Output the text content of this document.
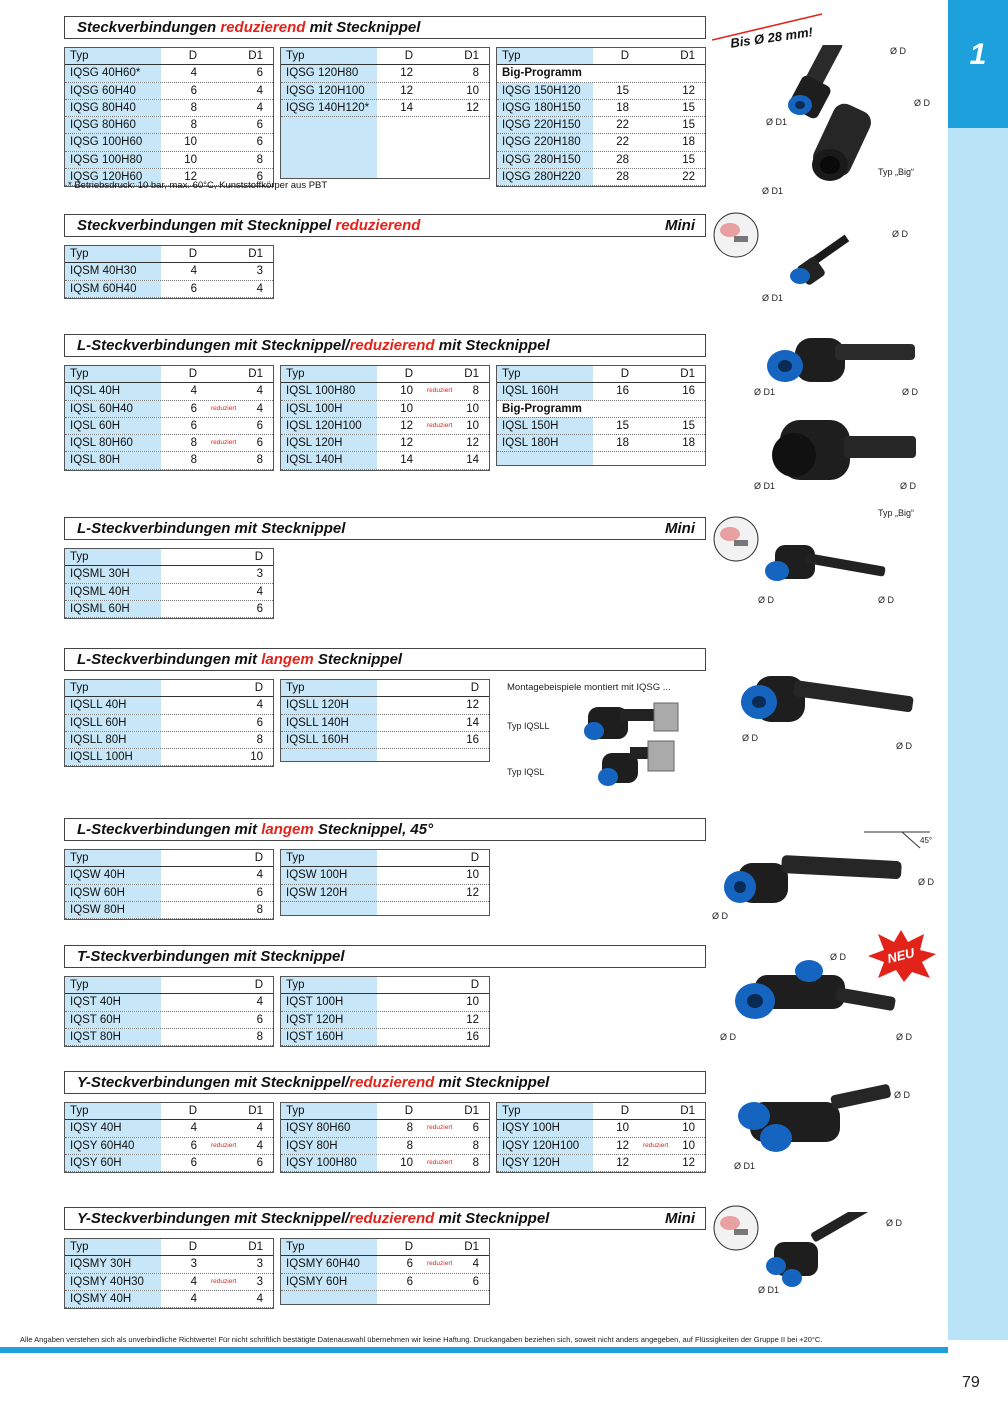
1
Alle Angaben verstehen sich als unverbindliche Richtwerte! Für nicht schriftlich bestätigte Datenauswahl übernehmen wir keine Haftung. Druckangaben beziehen sich, soweit nicht anders angegeben, auf Flüssigkeiten der Gruppe II bei +20°C.
79
Steckverbindungen reduzierend mit Stecknippel
Typ	D	D1
IQSG 40H60*	4	6
IQSG 60H40	6	4
IQSG 80H40	8	4
IQSG 80H60	8	6
IQSG 100H60	10	6
IQSG 100H80	10	8
IQSG 120H60	12	6
Typ	D	D1
IQSG 120H80	12	8
IQSG 120H100	12	10
IQSG 140H120*	14	12
Typ	D	D1
Big-Programm
IQSG 150H120	15	12
IQSG 180H150	18	15
IQSG 220H150	22	15
IQSG 220H180	22	18
IQSG 280H150	28	15
IQSG 280H220	28	22
* Betriebsdruck: 10 bar, max. 60°C, Kunststoffkörper aus PBT
Bis Ø 28 mm!
Ø D
Ø D
Ø D1
Ø D1
Typ „Big“
Steckverbindungen mit Stecknippel reduzierend	Mini
Typ	D	D1
IQSM 40H30	4	3
IQSM 60H40	6	4
Ø D
Ø D1
L-Steckverbindungen mit Stecknippel/reduzierend mit Stecknippel
Typ	D	D1
IQSL 40H	4	4
IQSL 60H40	6	reduziert 4
IQSL 60H	6	6
IQSL 80H60	8	reduziert 6
IQSL 80H	8	8
Typ	D	D1
IQSL 100H80	10	reduziert 8
IQSL 100H	10	10
IQSL 120H100	12	reduziert 10
IQSL 120H	12	12
IQSL 140H	14	14
Typ	D	D1
IQSL 160H	16	16
Big-Programm
IQSL 150H	15	15
IQSL 180H	18	18
Ø D1	Ø D
Ø D1	Ø D
Typ „Big“
L-Steckverbindungen mit Stecknippel	Mini
Typ	D
IQSML 30H	3
IQSML 40H	4
IQSML 60H	6
Ø D	Ø D
L-Steckverbindungen mit langem Stecknippel
Typ	D
IQSLL 40H	4
IQSLL 60H	6
IQSLL 80H	8
IQSLL 100H	10
Typ	D
IQSLL 120H	12
IQSLL 140H	14
IQSLL 160H	16
Montagebeispiele montiert mit IQSG ...
Typ IQSLL
Typ IQSL
Ø D
Ø D
L-Steckverbindungen mit langem Stecknippel, 45°
Typ	D
IQSW 40H	4
IQSW 60H	6
IQSW 80H	8
Typ	D
IQSW 100H	10
IQSW 120H	12
45°
Ø D
Ø D
T-Steckverbindungen mit Stecknippel
Typ	D
IQST 40H	4
IQST 60H	6
IQST 80H	8
Typ	D
IQST 100H	10
IQST 120H	12
IQST 160H	16
NEU
Ø D
Ø D	Ø D
Y-Steckverbindungen mit Stecknippel/reduzierend mit Stecknippel
Typ	D	D1
IQSY 40H	4	4
IQSY 60H40	6	reduziert 4
IQSY 60H	6	6
Typ	D	D1
IQSY 80H60	8	reduziert 6
IQSY 80H	8	8
IQSY 100H80	10	reduziert 8
Typ	D	D1
IQSY 100H	10	10
IQSY 120H100	12	reduziert 10
IQSY 120H	12	12
Ø D
Ø D1
Y-Steckverbindungen mit Stecknippel/reduzierend mit Stecknippel	Mini
Typ	D	D1
IQSMY 30H	3	3
IQSMY 40H30	4	reduziert 3
IQSMY 40H	4	4
Typ	D	D1
IQSMY 60H40	6	reduziert 4
IQSMY 60H	6	6
Ø D
Ø D1
